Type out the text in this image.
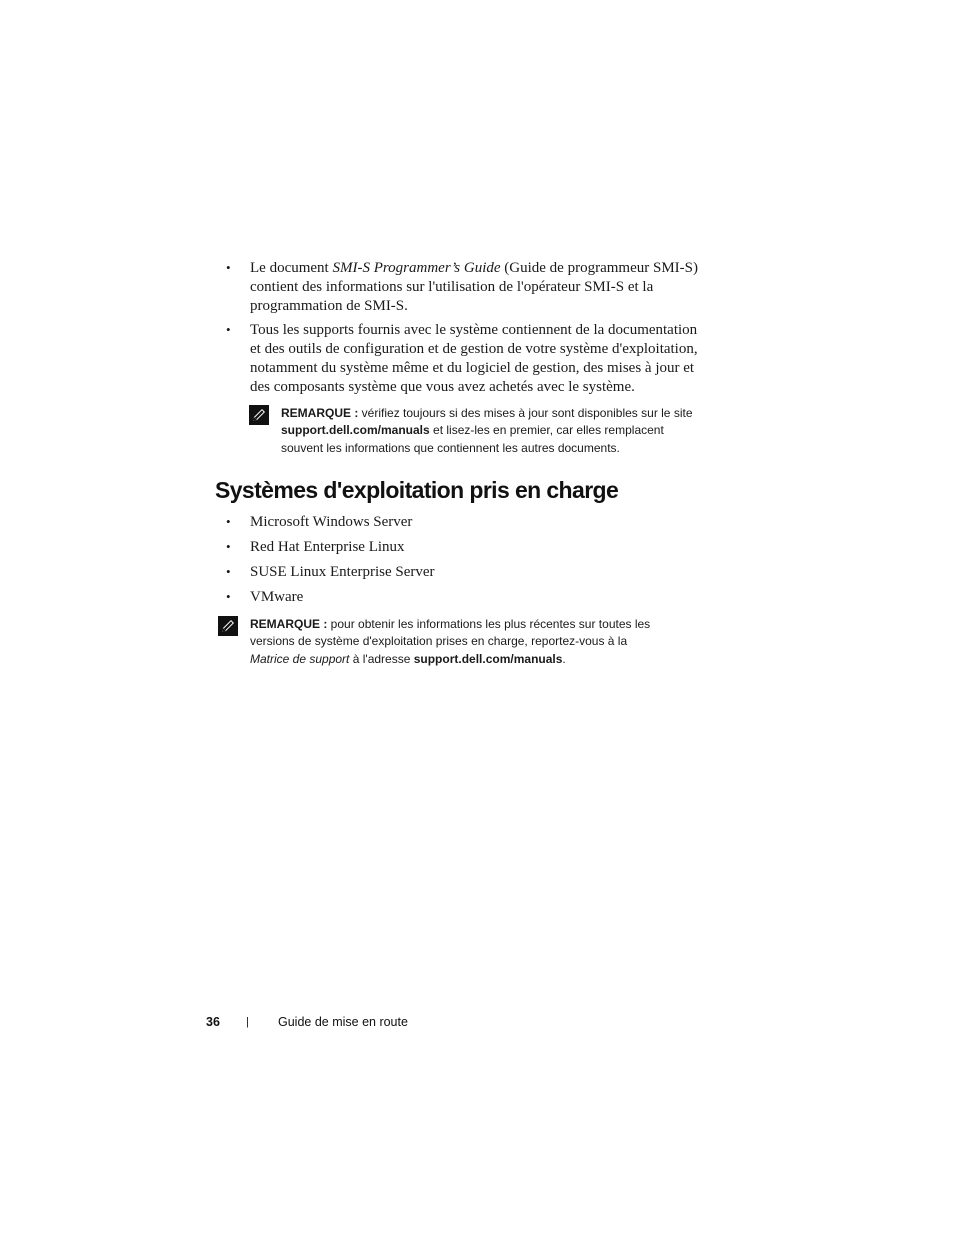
• Le document SMI-S Programmer’s Guide (Guide de programmeur SMI-S)
contient des informations sur l'utilisation de l'opérateur SMI-S et la
programmation de SMI-S.
• Tous les supports fournis avec le système contiennent de la documentation
et des outils de configuration et de gestion de votre système d'exploitation,
notamment du système même et du logiciel de gestion, des mises à jour et
des composants système que vous avez achetés avec le système.
REMARQUE : vérifiez toujours si des mises à jour sont disponibles sur le site
support.dell.com/manuals et lisez-les en premier, car elles remplacent
souvent les informations que contiennent les autres documents.
Systèmes d'exploitation pris en charge
• Microsoft Windows Server
• Red Hat Enterprise Linux
• SUSE Linux Enterprise Server
• VMware
REMARQUE : pour obtenir les informations les plus récentes sur toutes les
versions de système d'exploitation prises en charge, reportez-vous à la
Matrice de support à l'adresse support.dell.com/manuals.
36 | Guide de mise en route
